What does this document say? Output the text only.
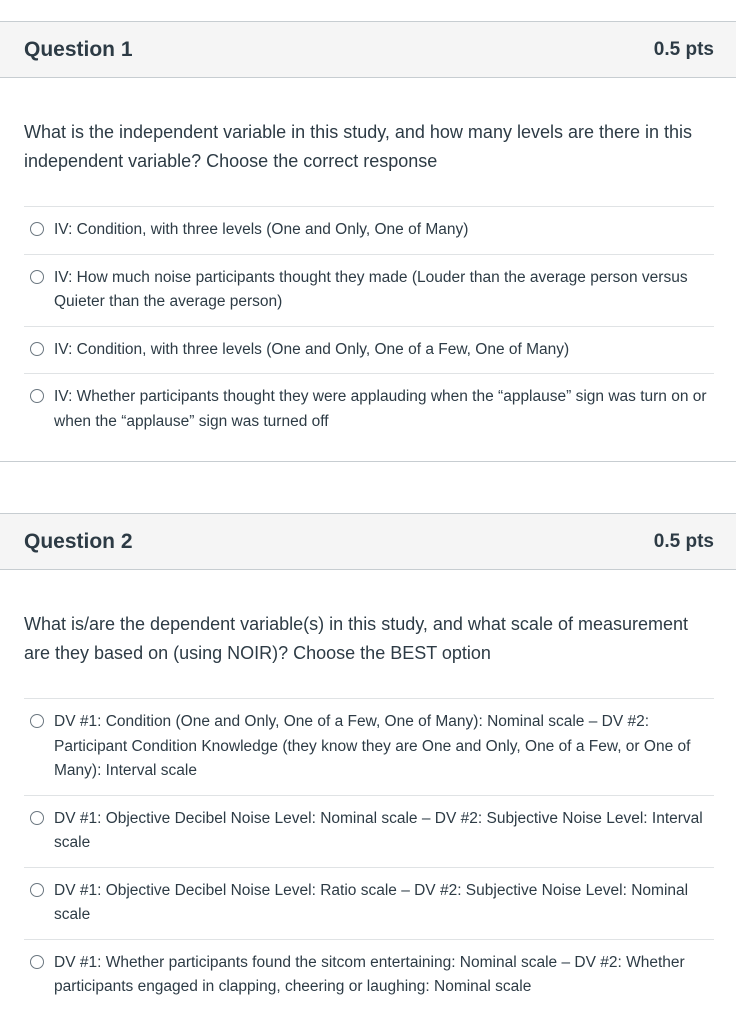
Question 1	0.5 pts
What is the independent variable in this study, and how many levels are there in this independent variable? Choose the correct response
IV: Condition, with three levels (One and Only, One of Many)
IV: How much noise participants thought they made (Louder than the average person versus Quieter than the average person)
IV: Condition, with three levels (One and Only, One of a Few, One of Many)
IV: Whether participants thought they were applauding when the “applause” sign was turn on or when the “applause” sign was turned off
Question 2	0.5 pts
What is/are the dependent variable(s) in this study, and what scale of measurement are they based on (using NOIR)? Choose the BEST option
DV #1: Condition (One and Only, One of a Few, One of Many): Nominal scale – DV #2: Participant Condition Knowledge (they know they are One and Only, One of a Few, or One of Many): Interval scale
DV #1: Objective Decibel Noise Level: Nominal scale – DV #2: Subjective Noise Level: Interval scale
DV #1: Objective Decibel Noise Level: Ratio scale – DV #2: Subjective Noise Level: Nominal scale
DV #1: Whether participants found the sitcom entertaining: Nominal scale – DV #2: Whether participants engaged in clapping, cheering or laughing: Nominal scale
